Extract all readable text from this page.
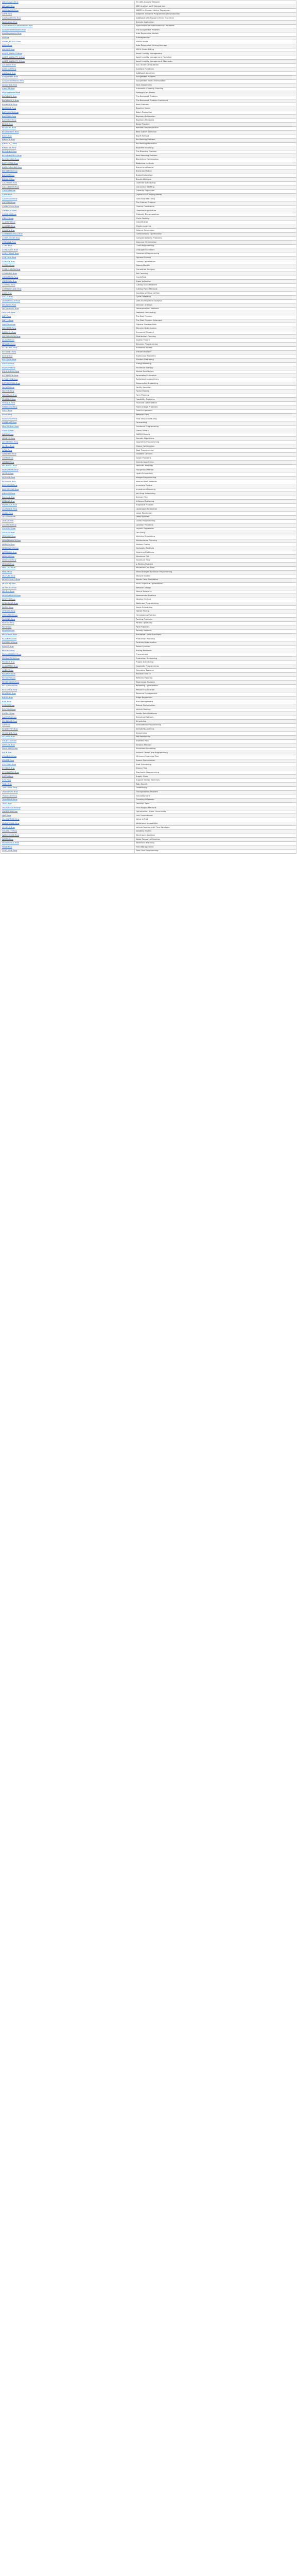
ABCanalysis.Rnw	Ein ABC-Analyse Beispiel
ABCvsIC.Rnw	ABC Analysis vs IC Comparison
ADMMtoSVR.Rnw	ADMM to Support Vector Regression
ADPR.Rnw	Adaptive Dynamic Programming Reproduction
AdaBoostSVMs.Rnw	AdaBoost with Support Vector Machines
Application.Rnw	Sample Application
ApplicationsOfOptimization.Rnw	Applications of Optimization in Problems
AssignmentProblem.Rnw	The Assignment Problem
AutoRegressive.Rnw	Auto Regressive Models
AR.Rnw	Autoregression
ARIMA_MODEL.Rnw	ARIMA Model
ARMA.Rnw	Auto Regressive Moving Average
ARCHFIT.Rnw	ARCH Model Fitting
ASSET_LIABILITY.Rnw	Asset Liability Management
ASSET_LIABILITY_2.Rnw	Asset Liability Management Revisited
ASSET_LIABILITY_3.Rnw	Asset Liability Management Stochastic
AUCscore.Rnw	AUC Score Computation
AUXILIARY.Rnw	Auxiliary Functions
AdaBoost.Rnw	AdaBoost Algorithm
Assignment.Rnw	Assignment Problem
AssignmentMatrix.Rnw	Assignment Matrix Formulation
AssignTask.Rnw	Task Assignment
AutoCAP.Rnw	Automatic Capacity Planning
AvgCostModel.Rnw	Average Cost Model
BACKPACK.Rnw	The Backpack Problem
BACKPACK_2.Rnw	The Backpack Problem Continued
BANKPROB.Rnw	Bank Problem
BASELINE.Rnw	Baseline Model
BATCHPROD.Rnw	Batch Production
BAYESIAN.Rnw	Bayesian Estimation
BAYESNET.Rnw	Bayesian Networks
BEALE.Rnw	Beale Problem
BENDERS.Rnw	Benders Decomposition
BESTSUBSET.Rnw	Best Subset Selection
BIGM.Rnw	Big M Method
BINPACK.Rnw	Bin Packing Problem
BINPACK_2.Rnw	Bin Packing Heuristics
BIPARTITE.Rnw	Bipartite Matching
BLENDING.Rnw	The Blending Problem
BLENDINGREAL.Rnw	Real Blending Problem
BLOCKCHAIN.Rnw	Blockchain Optimization
BOOTSTRAP.Rnw	Bootstrap Methods
BRANCHBOUND.Rnw	Branch and Bound
BROWNIAN.Rnw	Brownian Motion
BUDGET.Rnw	Budget Allocation
BUNDLE.Rnw	Bundle Methods
CALENDAR.Rnw	Calendar Scheduling
CALLCENTER.Rnw	Call Center Staffing
CAPACITY.Rnw	Capacity Expansion
CAPM.Rnw	Capital Asset Pricing Model
CASHFLOW.Rnw	Cash Flow Matching
CATERER.Rnw	The Caterer Problem
CHANCECON.Rnw	Chance Constraints
CHEMICAL.Rnw	Chemical Equilibrium
CHOLESKY.Rnw	Cholesky Decomposition
CIRCLE.Rnw	Circle Packing
CLASSIFY.Rnw	Classification
CLUSTER.Rnw	Cluster Analysis
COLGEN.Rnw	Column Generation
COMBINATORIAL.Rnw	Combinatorial Optimization
COMPLEMENT.Rnw	Complementarity Problems
CONCAVE.Rnw	Concave Minimization
CONE.Rnw	Cone Programming
CONJUGATE.Rnw	Conjugate Gradient
CONSTRAINT.Rnw	Constraint Programming
CONTROL.Rnw	Optimal Control
CONVEX.Rnw	Convex Optimization
COPULA.Rnw	Copula Models
CORRELATION.Rnw	Correlation Analysis
COVERING.Rnw	Set Covering
CREDITRISK.Rnw	Credit Risk
CROSSVAL.Rnw	Cross Validation
CUTTING.Rnw	Cutting Stock Problem
CUTTINGPLANE.Rnw	Cutting Plane Methods
CVAR.Rnw	Conditional Value at Risk
CYCLE.Rnw	Cycle Detection
DATAENVELOP.Rnw	Data Envelopment Analysis
DECISION.Rnw	Decision Analysis
DECOMPOSE.Rnw	Decomposition Methods
DEMAND.Rnw	Demand Forecasting
DIET.Rnw	The Diet Problem
DIET_2.Rnw	The Diet Problem Extended
DIJKSTRA.Rnw	Dijkstra Shortest Path
DISCRETE.Rnw	Discrete Optimization
DISPATCH.Rnw	Economic Dispatch
DISTRIBUTION.Rnw	Distribution Planning
DUALITY.Rnw	Duality Theory
DYNAMIC.Rnw	Dynamic Programming
ECONOMIC.Rnw	Economic Models
EFFICIENT.Rnw	Efficient Frontier
EIGEN.Rnw	Eigenvalue Problems
ELECTION.Rnw	Election Districting
ENERGY.Rnw	Energy Planning
ENTROPY.Rnw	Maximum Entropy
EQUILIBRIUM.Rnw	Market Equilibrium
ESTIMATION.Rnw	Parameter Estimation
EVOLUTION.Rnw	Evolutionary Algorithms
EXPONENTIAL.Rnw	Exponential Smoothing
FACILITY.Rnw	Facility Location
FACTOR.Rnw	Factor Models
FARMPLAN.Rnw	Farm Planning
FEASIBLE.Rnw	Feasibility Problems
FINANCE.Rnw	Financial Optimization
FIXEDCOST.Rnw	Fixed Charge Problems
FLEET.Rnw	Fleet Assignment
FLOW.Rnw	Network Flow
FLOWSHOP.Rnw	Flow Shop Scheduling
FORECAST.Rnw	Forecasting
FRACTIONAL.Rnw	Fractional Programming
GAMES.Rnw	Game Theory
GARCH.Rnw	GARCH Models
GENETIC.Rnw	Genetic Algorithms
GEOMETRIC.Rnw	Geometric Programming
GLOBAL.Rnw	Global Optimization
GOAL.Rnw	Goal Programming
GRADIENT.Rnw	Gradient Descent
GRAPH.Rnw	Graph Problems
GREEDY.Rnw	Greedy Algorithms
HEURISTIC.Rnw	Heuristic Methods
HUNGARIAN.Rnw	Hungarian Method
HYDRO.Rnw	Hydro Scheduling
INTEGER.Rnw	Integer Programming
INTERIOR.Rnw	Interior Point Methods
INVENTORY.Rnw	Inventory Control
INVESTMENT.Rnw	Investment Planning
JOBSHOP.Rnw	Job Shop Scheduling
KALMAN.Rnw	Kalman Filter
KMEANS.Rnw	K-Means Clustering
KNAPSACK.Rnw	Knapsack Problem
LAGRANGE.Rnw	Lagrangian Relaxation
LASSO.Rnw	Lasso Regression
LEASTSQ.Rnw	Least Squares
LINEAR.Rnw	Linear Programming
LOCATION.Rnw	Location Problems
LOGISTIC.Rnw	Logistic Regression
LOTSIZE.Rnw	Lot Sizing
MACHINE.Rnw	Machine Scheduling
MAINTENANCE.Rnw	Maintenance Planning
MARKOV.Rnw	Markov Chains
MARKOWITZ.Rnw	Markowitz Portfolio
MATCHING.Rnw	Matching Problems
MAXCUT.Rnw	Maximum Cut
MAXFLOW.Rnw	Maximum Flow
MEDIAN.Rnw	p-Median Problem
MINCOST.Rnw	Minimum Cost Flow
MINLP.Rnw	Mixed Integer Nonlinear Programming
MIXTURE.Rnw	Mixture Models
MONTECARLO.Rnw	Monte Carlo Simulation
MULTIOBJ.Rnw	Multi-Objective Optimization
NETWORK.Rnw	Network Design
NEURAL.Rnw	Neural Networks
NEWSVENDOR.Rnw	Newsvendor Problem
NEWTON.Rnw	Newton Method
NONLINEAR.Rnw	Nonlinear Programming
NURSE.Rnw	Nurse Scheduling
OPTIONS.Rnw	Option Pricing
ORIENTEER.Rnw	Orienteering Problem
PACKING.Rnw	Packing Problems
PARETO.Rnw	Pareto Optimality
PATH.Rnw	Path Problems
PENALTY.Rnw	Penalty Methods
PIECEWISE.Rnw	Piecewise Linear Functions
PLANNING.Rnw	Production Planning
PORTFOLIO.Rnw	Portfolio Optimization
POWER.Rnw	Power Systems
PRICING.Rnw	Pricing Problems
PROCUREMENT.Rnw	Procurement
PRODUCTION.Rnw	Production Scheduling
PROJECT.Rnw	Project Scheduling
QUADRATIC.Rnw	Quadratic Programming
QUEUE.Rnw	Queueing Systems
RANDOM.Rnw	Random Search
REFINERY.Rnw	Refinery Planning
REGRESSION.Rnw	Regression Analysis
RELIABILITY.Rnw	Reliability Optimization
RESOURCE.Rnw	Resource Allocation
REVENUE.Rnw	Revenue Management
RIDGE.Rnw	Ridge Regression
RISK.Rnw	Risk Management
ROBUST.Rnw	Robust Optimization
ROUTING.Rnw	Vehicle Routing
SADDLE.Rnw	Saddle Point Problems
SAMPLING.Rnw	Sampling Methods
SCHEDULE.Rnw	Scheduling
SDP.Rnw	Semidefinite Programming
SENSITIVITY.Rnw	Sensitivity Analysis
SEQUENCE.Rnw	Sequencing
SETPART.Rnw	Set Partitioning
SHORTEST.Rnw	Shortest Path
SIMPLEX.Rnw	Simplex Method
SIMULATED.Rnw	Simulated Annealing
SOCP.Rnw	Second Order Cone Programming
SPANNING.Rnw	Minimum Spanning Tree
SPARSE.Rnw	Sparse Optimization
STAFFING.Rnw	Staff Scheduling
STEINER.Rnw	Steiner Tree
STOCHASTIC.Rnw	Stochastic Programming
SUPPLY.Rnw	Supply Chain
SVM.Rnw	Support Vector Machines
TABU.Rnw	Tabu Search
TIMETABLE.Rnw	Timetabling
TRANSPORT.Rnw	Transportation Problem
TRANSSHIP.Rnw	Transshipment
TRAVELING.Rnw	Traveling Salesman
TREE.Rnw	Decision Trees
TRUSTREGION.Rnw	Trust Region Methods
UNCERTAIN.Rnw	Optimization Under Uncertainty
UNIT.Rnw	Unit Commitment
VALUEATRISK.Rnw	Value at Risk
VARIATIONAL.Rnw	Variational Inequalities
VEHICLE.Rnw	Vehicle Routing with Time Windows
VOLATILITY.Rnw	Volatility Models
WAREHOUSE.Rnw	Warehouse Location
WATER.Rnw	Water Resource Planning
WORKFORCE.Rnw	Workforce Planning
YIELD.Rnw	Yield Management
ZERO_ONE.Rnw	Zero-One Programming
